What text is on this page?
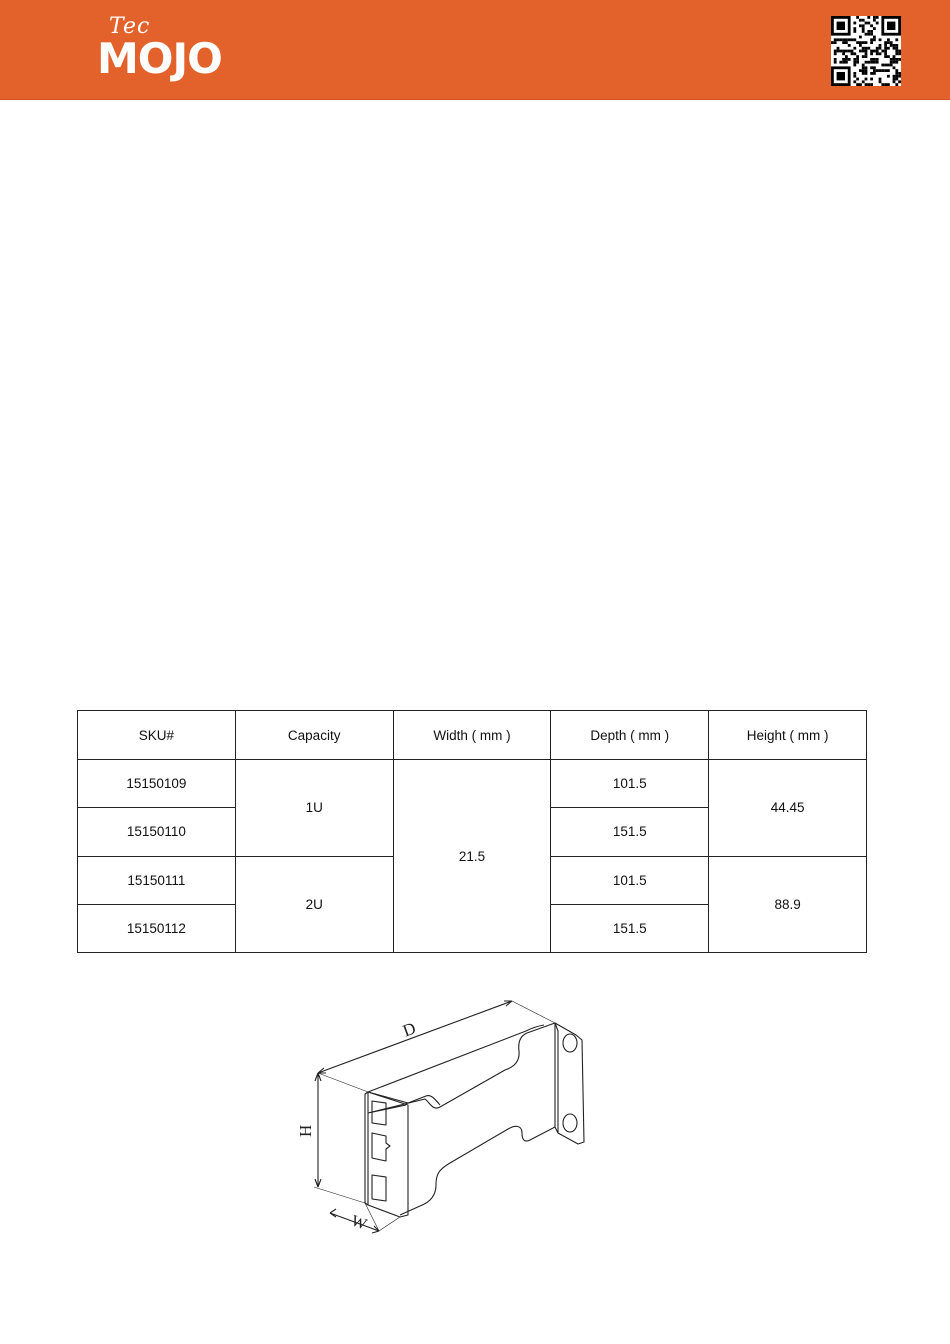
Tec
MOJO
SKU#	Capacity	Width ( mm )	Depth ( mm )	Height ( mm )
15150109	1U	21.5	101.5	44.45
15150110			151.5	
15150111	2U		101.5	88.9
15150112			151.5	
D
H
W
